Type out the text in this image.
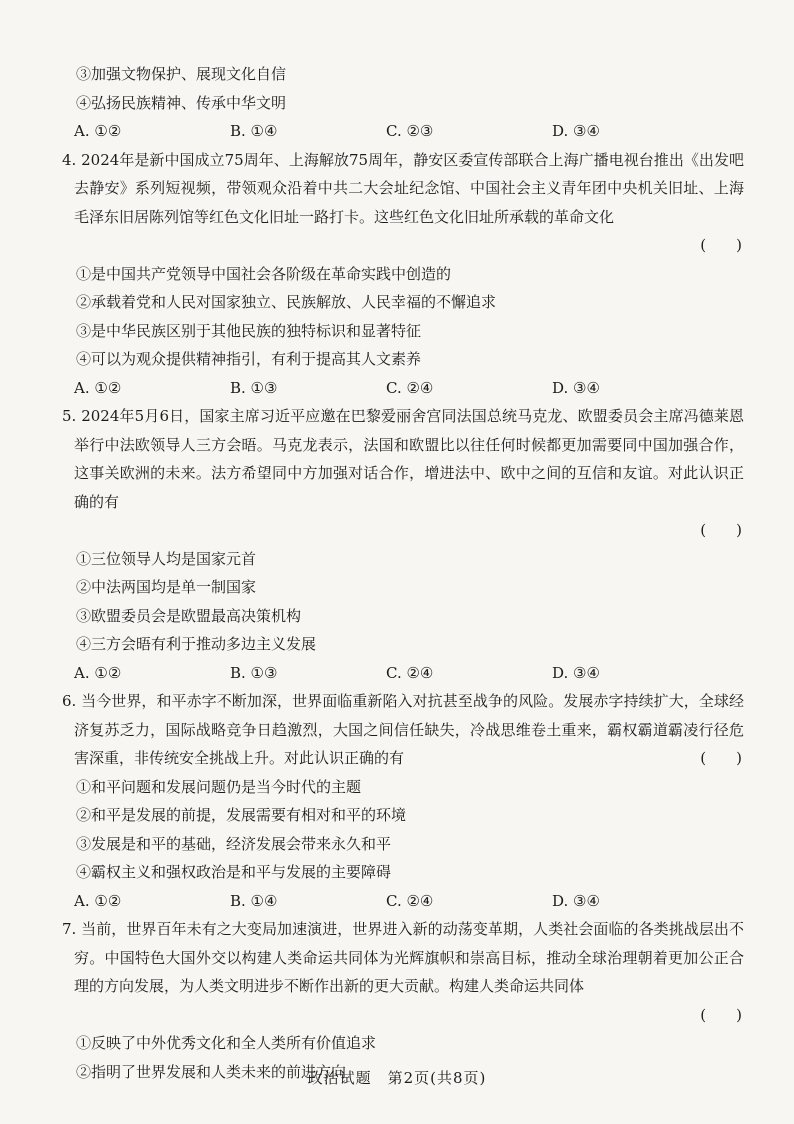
③加强文物保护、展现文化自信

④弘扬民族精神、传承中华文明

A. ①②	B. ①④	C. ②③	D. ③④

4. 2024年是新中国成立75周年、上海解放75周年，静安区委宣传部联合上海广播电视台推出《出发吧 去静安》系列短视频，带领观众沿着中共二大会址纪念馆、中国社会主义青年团中央机关旧址、上海毛泽东旧居陈列馆等红色文化旧址一路打卡。这些红色文化旧址所承载的革命文化

(　　)

①是中国共产党领导中国社会各阶级在革命实践中创造的

②承载着党和人民对国家独立、民族解放、人民幸福的不懈追求

③是中华民族区别于其他民族的独特标识和显著特征

④可以为观众提供精神指引，有利于提高其人文素养

A. ①②	B. ①③	C. ②④	D. ③④

5. 2024年5月6日，国家主席习近平应邀在巴黎爱丽舍宫同法国总统马克龙、欧盟委员会主席冯德莱恩举行中法欧领导人三方会晤。马克龙表示，法国和欧盟比以往任何时候都更加需要同中国加强合作，这事关欧洲的未来。法方希望同中方加强对话合作，增进法中、欧中之间的互信和友谊。对此认识正确的有

(　　)

①三位领导人均是国家元首

②中法两国均是单一制国家

③欧盟委员会是欧盟最高决策机构

④三方会晤有利于推动多边主义发展

A. ①②	B. ①③	C. ②④	D. ③④

6. 当今世界，和平赤字不断加深，世界面临重新陷入对抗甚至战争的风险。发展赤字持续扩大，全球经济复苏乏力，国际战略竞争日趋激烈，大国之间信任缺失，冷战思维卷土重来，霸权霸道霸凌行径危害深重，非传统安全挑战上升。对此认识正确的有	(　　)

①和平问题和发展问题仍是当今时代的主题

②和平是发展的前提，发展需要有相对和平的环境

③发展是和平的基础，经济发展会带来永久和平

④霸权主义和强权政治是和平与发展的主要障碍

A. ①②	B. ①④	C. ②④	D. ③④

7. 当前，世界百年未有之大变局加速演进，世界进入新的动荡变革期，人类社会面临的各类挑战层出不穷。中国特色大国外交以构建人类命运共同体为光辉旗帜和崇高目标，推动全球治理朝着更加公正合理的方向发展，为人类文明进步不断作出新的更大贡献。构建人类命运共同体

(　　)

①反映了中外优秀文化和全人类所有价值追求

②指明了世界发展和人类未来的前进方向

政治试题　第2页(共8页)
